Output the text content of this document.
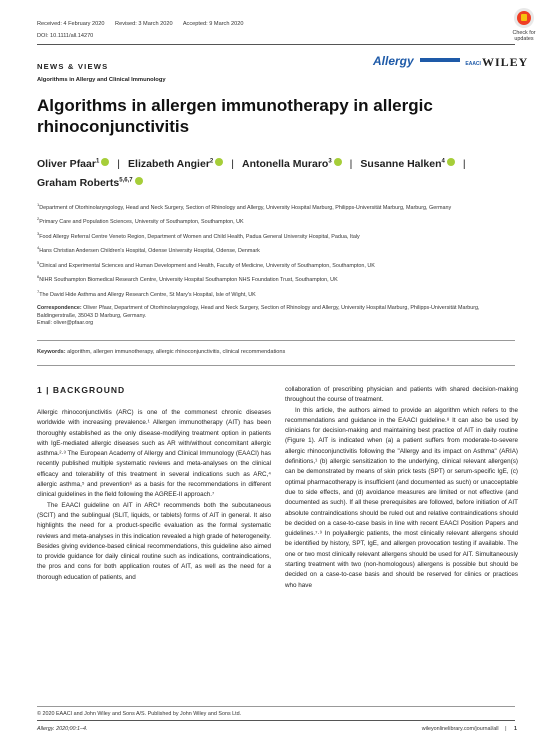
Received: 4 February 2020 Revised: 3 March 2020 Accepted: 9 March 2020
DOI: 10.1111/all.14270	Check for
updates
Allergy	EAACI WILEY
NEWS & VIEWS
Algorithms in Allergy and Clinical Immunology
Algorithms in allergen immunotherapy in allergic rhinoconjunctivitis
Oliver Pfaar$^1$ | Elizabeth Angier$^2$ | Antonella Muraro$^3$ | Susanne Halken$^4$ |
Graham Roberts$^{5,6,7}$

$^1$Department of Otorhinolaryngology, Head and Neck Surgery, Section of Rhinology and Allergy, University Hospital Marburg, Philipps-Universität Marburg, Marburg, Germany

$^2$Primary Care and Population Sciences, University of Southampton, Southampton, UK

$^3$Food Allergy Referral Centre Veneto Region, Department of Women and Child Health, Padua General University Hospital, Padua, Italy

$^4$Hans Christian Andersen Children's Hospital, Odense University Hospital, Odense, Denmark

$^5$Clinical and Experimental Sciences and Human Development and Health, Faculty of Medicine, University of Southampton, Southampton, UK

$^6$NIHR Southampton Biomedical Research Centre, University Hospital Southampton NHS Foundation Trust, Southampton, UK

$^7$The David Hide Asthma and Allergy Research Centre, St Mary's Hospital, Isle of Wight, UK

Correspondence: Oliver Pfaar, Department of Otorhinolaryngology, Head and Neck Surgery, Section of Rhinology and Allergy, University Hospital Marburg, Philipps-Universität Marburg, Baldingerstraße, 35043 D Marburg, Germany.
Email: oliver@pfaar.org
Keywords: algorithm, allergen immunotherapy, allergic rhinoconjunctivitis, clinical recommendations
1 | BACKGROUND

Allergic rhinoconjunctivitis (ARC) is one of the commonest chronic diseases worldwide with increasing prevalence.¹ Allergen immunotherapy (AIT) has been thoroughly established as the only disease-modifying treatment option in patients with IgE-mediated allergic diseases such as AR with/without concomitant allergic asthma.²·³ The European Academy of Allergy and Clinical Immunology (EAACI) has recently published multiple systematic reviews and meta-analyses on the clinical efficacy and tolerability of this treatment in several indications such as ARC,⁴ allergic asthma,⁵ and prevention⁶ as a basis for the recommendations in different clinical guidelines in the field following the AGREE-II approach.⁷

The EAACI guideline on AIT in ARC⁸ recommends both the subcutaneous (SCIT) and the sublingual (SLIT, liquids, or tablets) forms of AIT in general. It also highlights the need for a product-specific evaluation as the formal systematic reviews and meta-analyses in this indication revealed a high grade of heterogeneity. Besides giving evidence-based clinical recommendations, this guideline also aimed to provide guidance for daily clinical routine such as indications, contraindications, the pros and cons for both application routes of AIT, as well as the need for a thorough education of patients, and

collaboration of prescribing physician and patients with shared decision-making throughout the course of treatment.

In this article, the authors aimed to provide an algorithm which refers to the recommendations and guidance in the EAACI guideline.⁸ It can also be used by clinicians for decision-making and maintaining best practice of AIT in daily routine (Figure 1). AIT is indicated when (a) a patient suffers from moderate-to-severe allergic rhinoconjunctivitis following the "Allergy and its impact on Asthma" (ARIA) definitions,¹ (b) allergic sensitization to the underlying, clinical relevant allergen(s) can be demonstrated by means of skin prick tests (SPT) or serum-specific IgE, (c) optimal pharmacotherapy is insufficient (and documented as such) or unacceptable due to side effects, and (d) avoidance measures are limited or not effective (and documented as such). If all these prerequisites are followed, before initiation of AIT absolute contraindications should be ruled out and relative contraindications should be decided on a case-to-case basis in line with recent EAACI Position Papers and guidelines.⁷·⁹ In polyallergic patients, the most clinically relevant allergens should be identified by history, SPT, IgE, and allergen provocation testing if available. The one or two most clinically relevant allergens should be used for AIT. Simultaneously starting treatment with two (non-homologous) allergens is possible but should be decided on a case-to-case basis and should be reserved for clinics or practices who have

© 2020 EAACI and John Wiley and Sons A/S. Published by John Wiley and Sons Ltd.
Allergy. 2020;00:1–4.	wileyonlinelibrary.com/journal/all | 1
